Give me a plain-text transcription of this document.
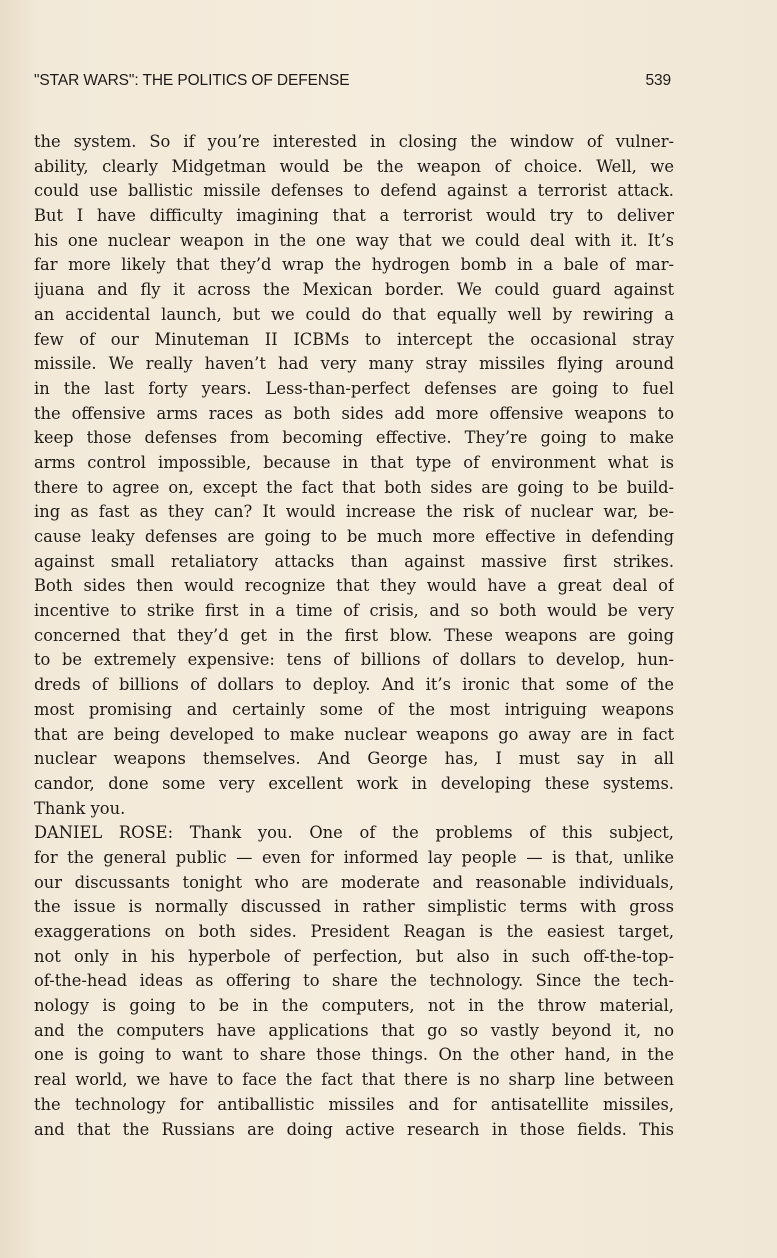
"STAR WARS": THE POLITICS OF DEFENSE	539
the system. So if you’re interested in closing the window of vulner-
ability, clearly Midgetman would be the weapon of choice. Well, we
could use ballistic missile defenses to defend against a terrorist attack.
But I have difficulty imagining that a terrorist would try to deliver
his one nuclear weapon in the one way that we could deal with it. It’s
far more likely that they’d wrap the hydrogen bomb in a bale of mar-
ijuana and fly it across the Mexican border. We could guard against
an accidental launch, but we could do that equally well by rewiring a
few of our Minuteman II ICBMs to intercept the occasional stray
missile. We really haven’t had very many stray missiles flying around
in the last forty years. Less-than-perfect defenses are going to fuel
the offensive arms races as both sides add more offensive weapons to
keep those defenses from becoming effective. They’re going to make
arms control impossible, because in that type of environment what is
there to agree on, except the fact that both sides are going to be build-
ing as fast as they can? It would increase the risk of nuclear war, be-
cause leaky defenses are going to be much more effective in defending
against small retaliatory attacks than against massive first strikes.
Both sides then would recognize that they would have a great deal of
incentive to strike first in a time of crisis, and so both would be very
concerned that they’d get in the first blow. These weapons are going
to be extremely expensive: tens of billions of dollars to develop, hun-
dreds of billions of dollars to deploy. And it’s ironic that some of the
most promising and certainly some of the most intriguing weapons
that are being developed to make nuclear weapons go away are in fact
nuclear weapons themselves. And George has, I must say in all
candor, done some very excellent work in developing these systems.
Thank you.
DANIEL ROSE: Thank you. One of the problems of this subject,
for the general public — even for informed lay people — is that, unlike
our discussants tonight who are moderate and reasonable individuals,
the issue is normally discussed in rather simplistic terms with gross
exaggerations on both sides. President Reagan is the easiest target,
not only in his hyperbole of perfection, but also in such off-the-top-
of-the-head ideas as offering to share the technology. Since the tech-
nology is going to be in the computers, not in the throw material,
and the computers have applications that go so vastly beyond it, no
one is going to want to share those things. On the other hand, in the
real world, we have to face the fact that there is no sharp line between
the technology for antiballistic missiles and for antisatellite missiles,
and that the Russians are doing active research in those fields. This
